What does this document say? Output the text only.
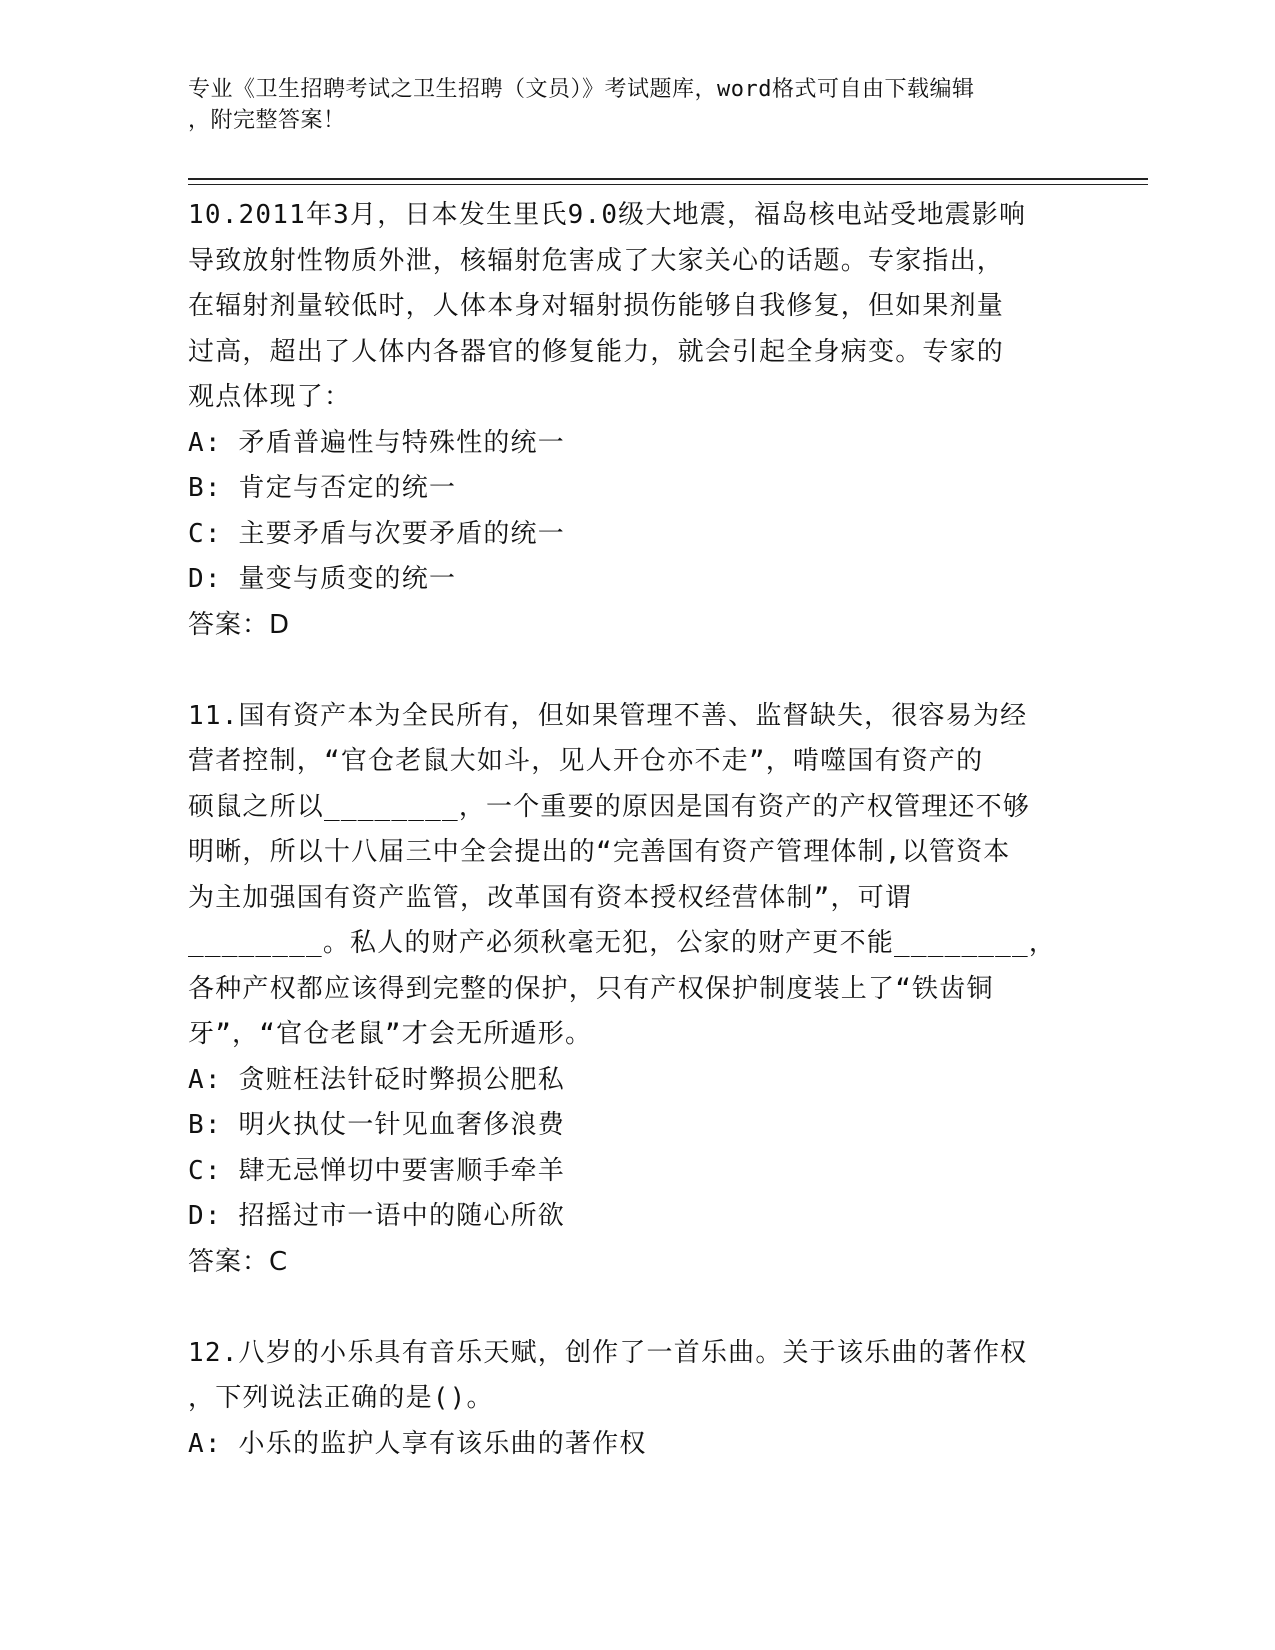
专业《卫生招聘考试之卫生招聘（文员）》考试题库，word格式可自由下载编辑
，附完整答案！
10.2011年3月，日本发生里氏9.0级大地震，福岛核电站受地震影响
导致放射性物质外泄，核辐射危害成了大家关心的话题。专家指出，
在辐射剂量较低时，人体本身对辐射损伤能够自我修复，但如果剂量
过高，超出了人体内各器官的修复能力，就会引起全身病变。专家的
观点体现了：
A: 矛盾普遍性与特殊性的统一
B: 肯定与否定的统一
C: 主要矛盾与次要矛盾的统一
D: 量变与质变的统一
答案：D
11.国有资产本为全民所有，但如果管理不善、监督缺失，很容易为经
营者控制，“官仓老鼠大如斗，见人开仓亦不走”，啃噬国有资产的
硕鼠之所以________，一个重要的原因是国有资产的产权管理还不够
明晰，所以十八届三中全会提出的“完善国有资产管理体制,以管资本
为主加强国有资产监管，改革国有资本授权经营体制”，可谓
________。私人的财产必须秋毫无犯，公家的财产更不能________，
各种产权都应该得到完整的保护，只有产权保护制度装上了“铁齿铜
牙”，“官仓老鼠”才会无所遁形。
A: 贪赃枉法针砭时弊损公肥私
B: 明火执仗一针见血奢侈浪费
C: 肆无忌惮切中要害顺手牵羊
D: 招摇过市一语中的随心所欲
答案：C
12.八岁的小乐具有音乐天赋，创作了一首乐曲。关于该乐曲的著作权
，下列说法正确的是()。
A: 小乐的监护人享有该乐曲的著作权
